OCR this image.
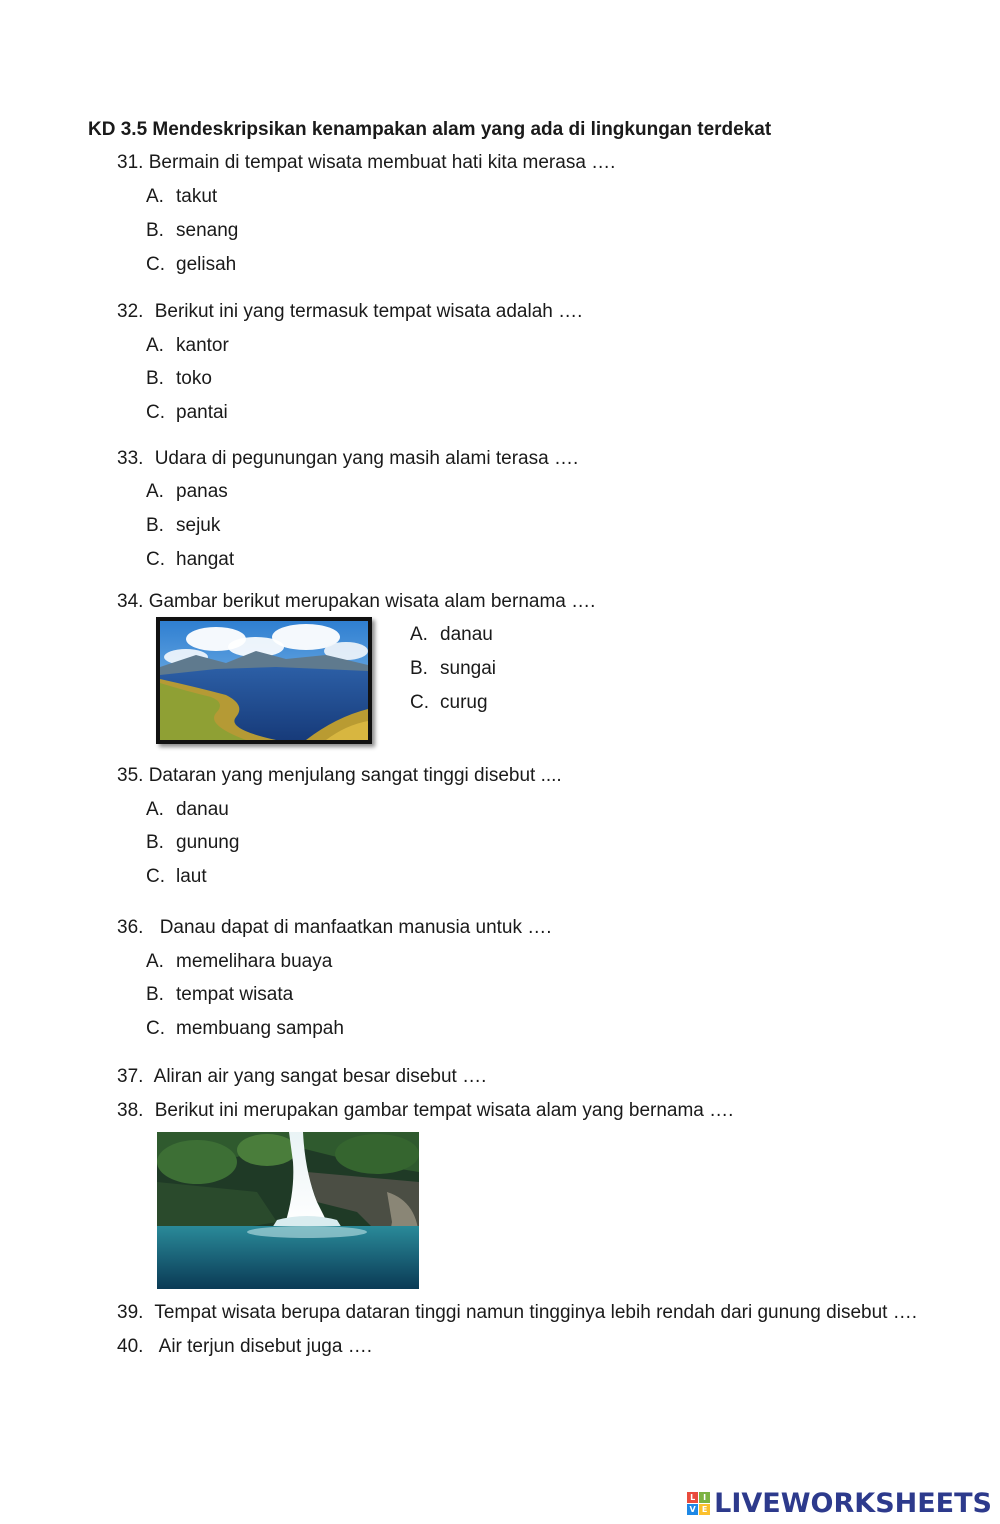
KD 3.5 Mendeskripsikan kenampakan alam yang ada di lingkungan terdekat
31. Bermain di tempat wisata membuat hati kita merasa ….
A. takut
B. senang
C. gelisah
32. Berikut ini yang termasuk tempat wisata adalah ….
A. kantor
B. toko
C. pantai
33. Udara di pegunungan yang masih alami terasa ….
A. panas
B. sejuk
C. hangat
34. Gambar berikut merupakan wisata alam bernama ….
A. danau
B. sungai
C. curug
35. Dataran yang menjulang sangat tinggi disebut ....
A. danau
B. gunung
C. laut
36. Danau dapat di manfaatkan manusia untuk ….
A. memelihara buaya
B. tempat wisata
C. membuang sampah
37. Aliran air yang sangat besar disebut ….
38. Berikut ini merupakan gambar tempat wisata alam yang bernama ….
39. Tempat wisata berupa dataran tinggi namun tingginya lebih rendah dari gunung disebut ….
40. Air terjun disebut juga ….
L I
V E LIVEWORKSHEETS
